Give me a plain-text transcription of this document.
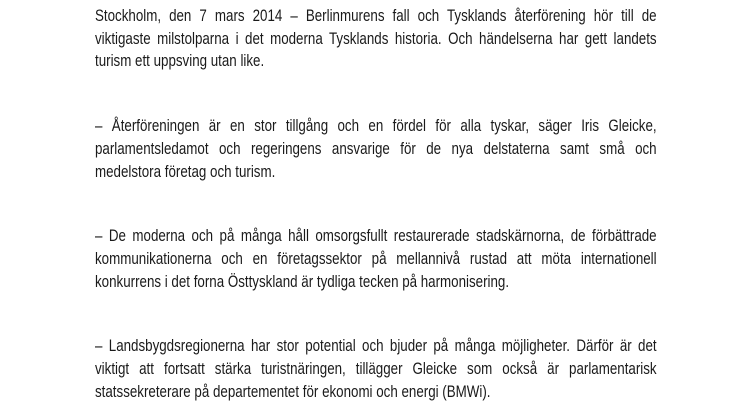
Stockholm, den 7 mars 2014 – Berlinmurens fall och Tysklands återförening hör till de
viktigaste milstolparna i det moderna Tysklands historia. Och händelserna har gett landets
turism ett uppsving utan like.
– Återföreningen är en stor tillgång och en fördel för alla tyskar, säger Iris Gleicke,
parlamentsledamot och regeringens ansvarige för de nya delstaterna samt små och
medelstora företag och turism.
– De moderna och på många håll omsorgsfullt restaurerade stadskärnorna, de förbättrade
kommunikationerna och en företagssektor på mellannivå rustad att möta internationell
konkurrens i det forna Östtyskland är tydliga tecken på harmonisering.
– Landsbygdsregionerna har stor potential och bjuder på många möjligheter. Därför är det
viktigt att fortsatt stärka turistnäringen, tillägger Gleicke som också är parlamentarisk
statssekreterare på departementet för ekonomi och energi (BMWi).
